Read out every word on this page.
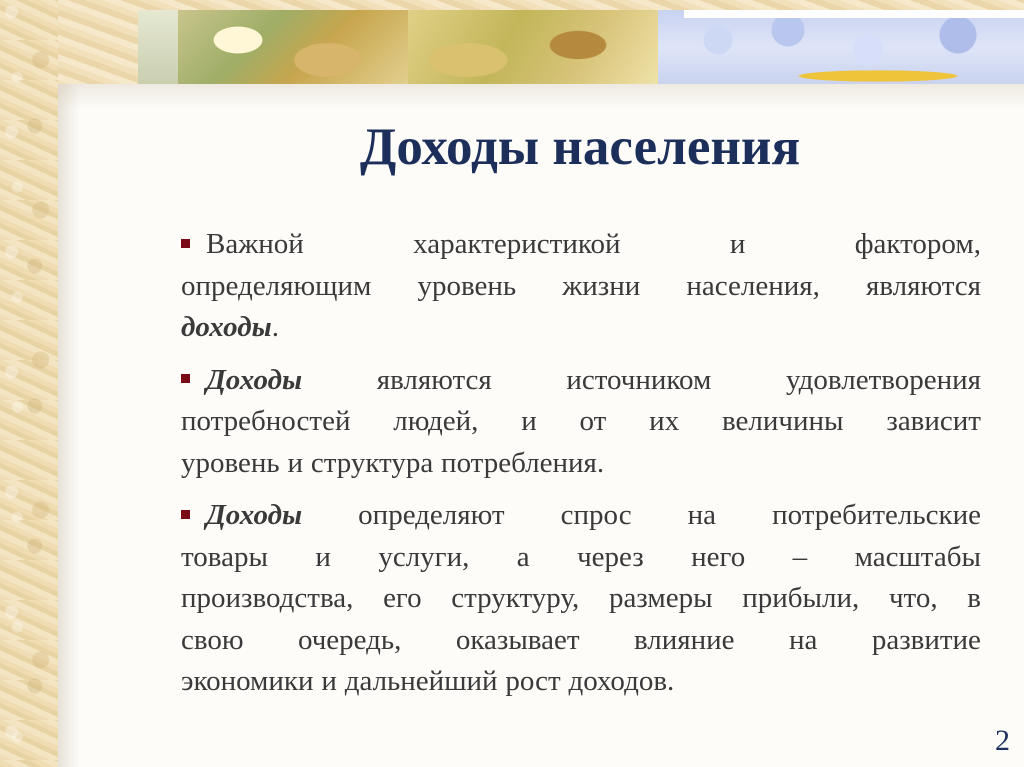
Доходы населения
Важной	характеристикой	и	фактором,
определяющим уровень жизни населения, являются
доходы .
Доходы	являются	источником	удовлетворения
потребностей людей, и от их величины зависит
уровень и структура потребления.
Доходы определяют спрос на потребительские
товары и услуги, а через него – масштабы
производства, его структуру, размеры прибыли, что, в
свою очередь, оказывает влияние на развитие
экономики и дальнейший рост доходов.
2
